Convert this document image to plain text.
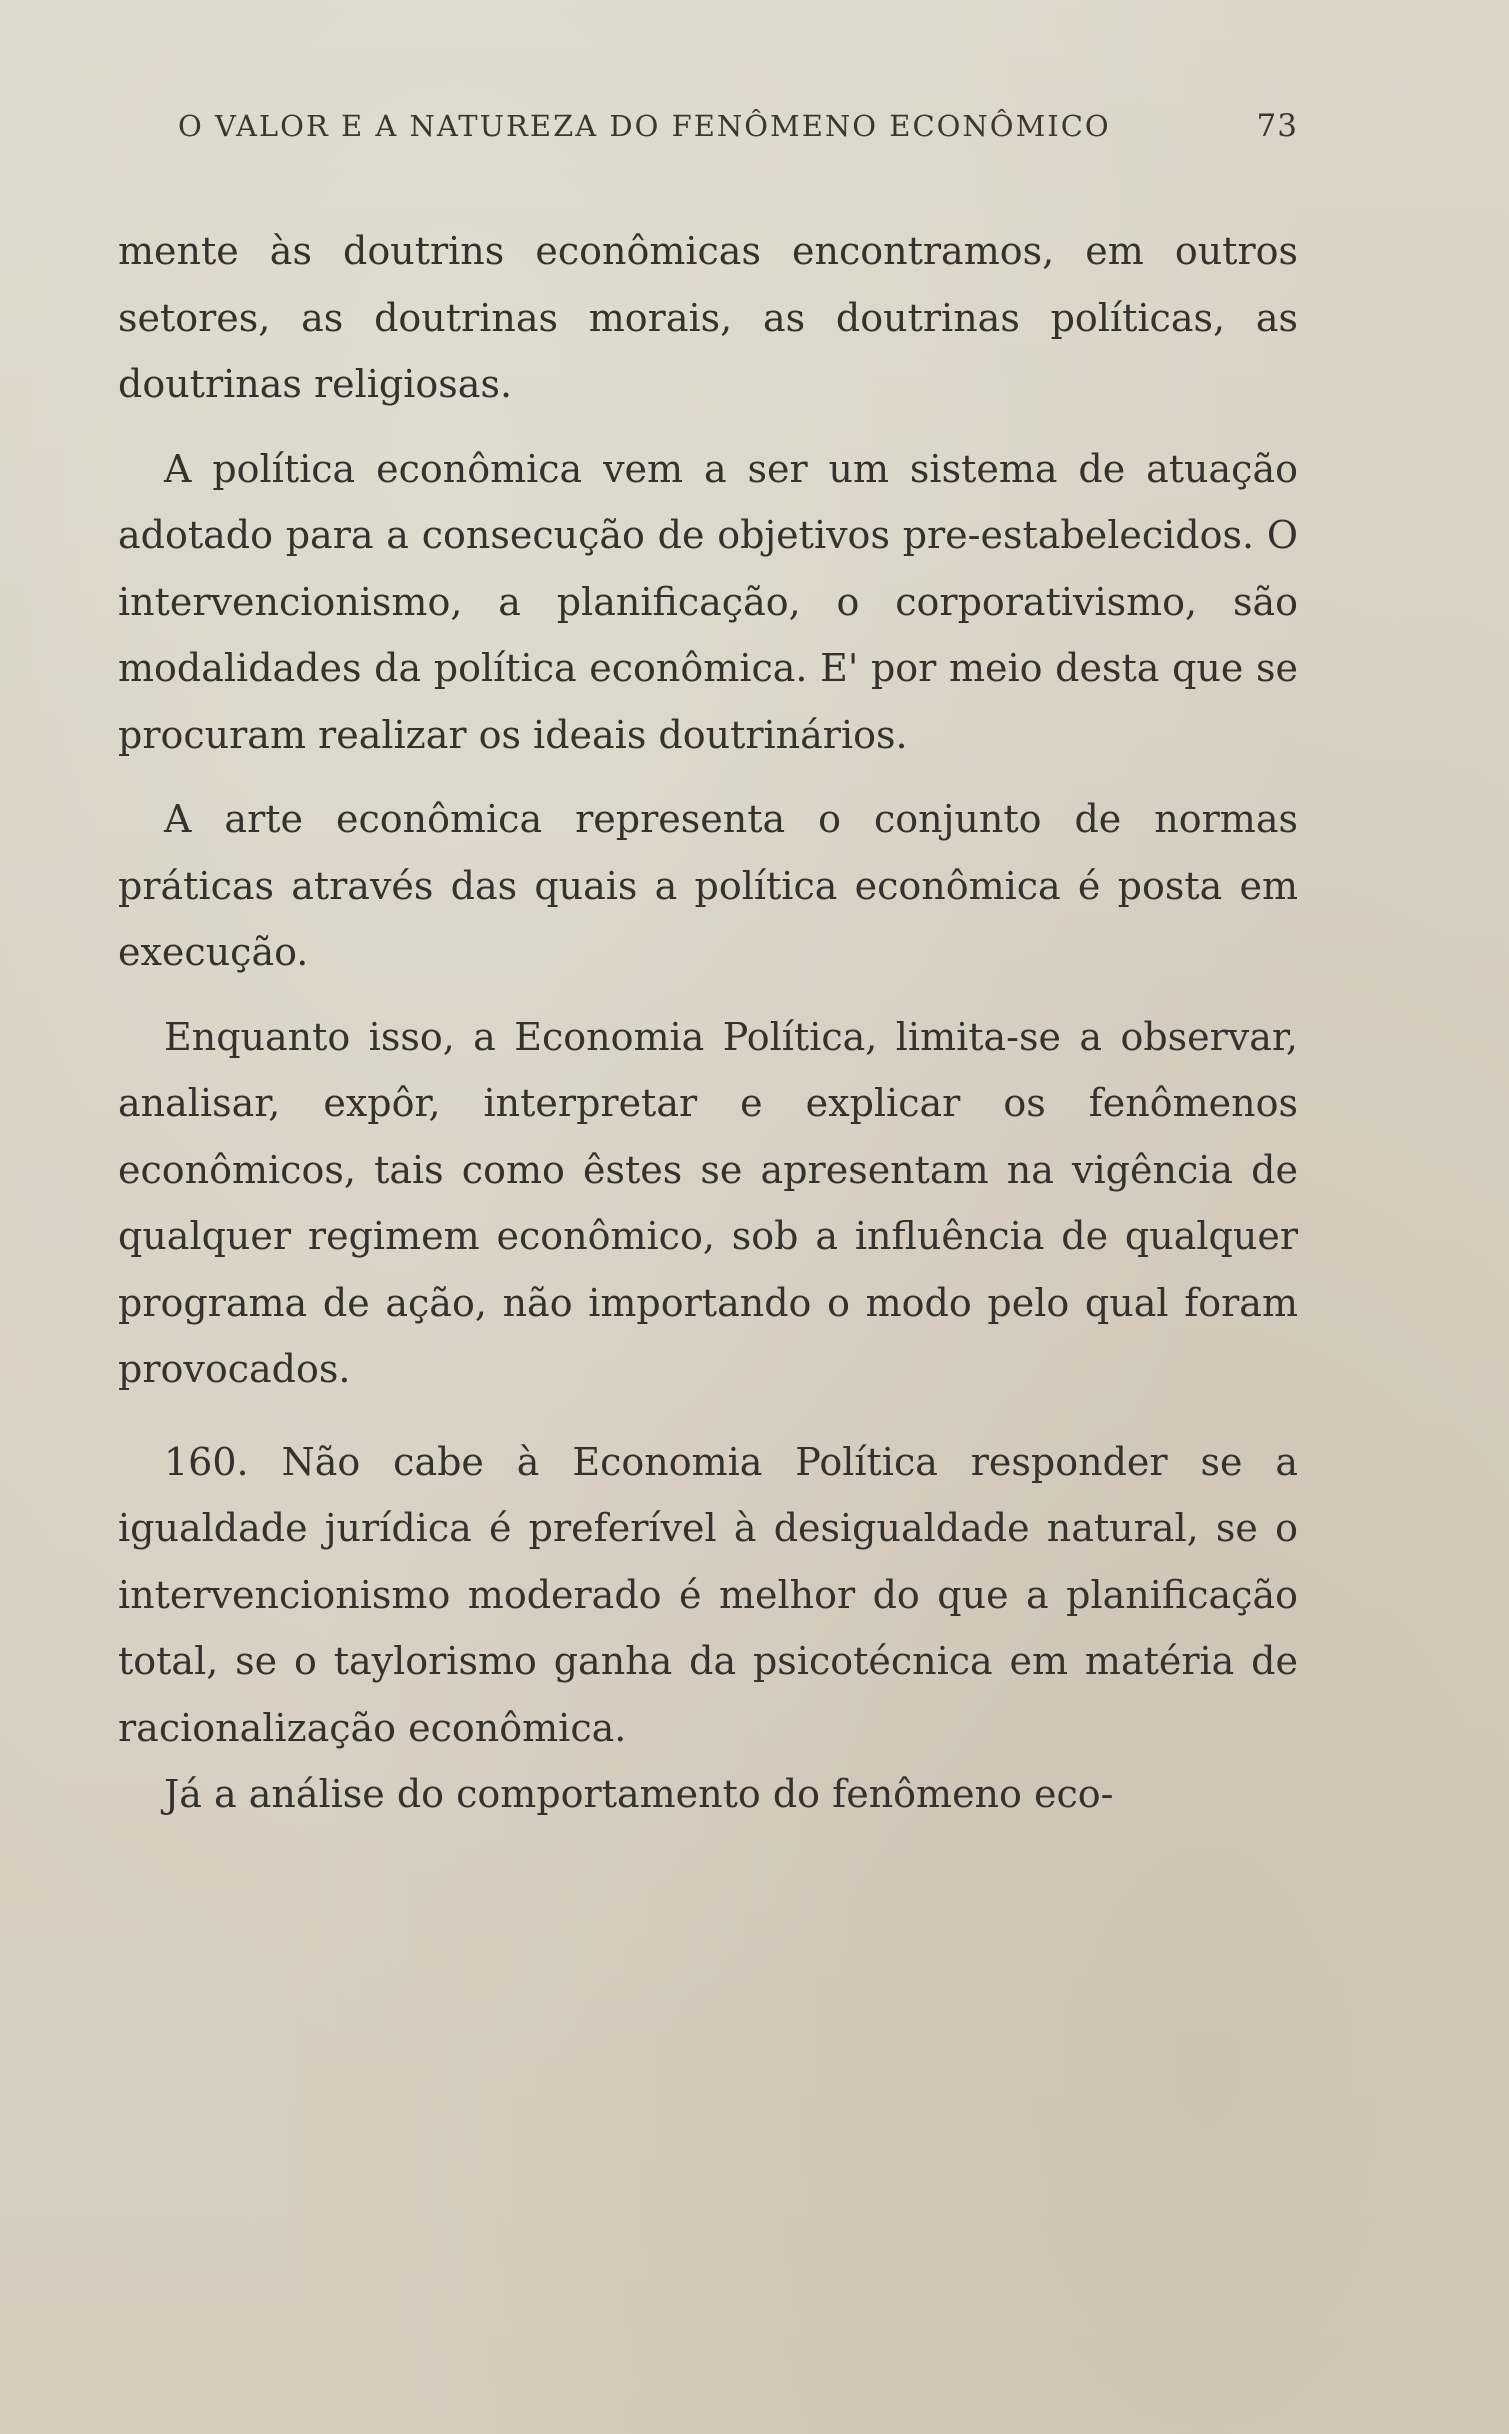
O VALOR E A NATUREZA DO FENÔMENO ECONÔMICO	73

mente às doutrins econômicas encontramos, em outros setores, as doutrinas morais, as doutrinas políticas, as doutrinas religiosas.

A política econômica vem a ser um sistema de atuação adotado para a consecução de objetivos pre-estabelecidos. O intervencionismo, a planificação, o corporativismo, são modalidades da política econômica. E' por meio desta que se procuram realizar os ideais doutrinários.

A arte econômica representa o conjunto de normas práticas através das quais a política econômica é posta em execução.

Enquanto isso, a Economia Política, limita-se a observar, analisar, expôr, interpretar e explicar os fenômenos econômicos, tais como êstes se apresentam na vigência de qualquer regimem econômico, sob a influência de qualquer programa de ação, não importando o modo pelo qual foram provocados.

160. Não cabe à Economia Política responder se a igualdade jurídica é preferível à desigualdade natural, se o intervencionismo moderado é melhor do que a planificação total, se o taylorismo ganha da psicotécnica em matéria de racionalização econômica.

Já a análise do comportamento do fenômeno eco-
